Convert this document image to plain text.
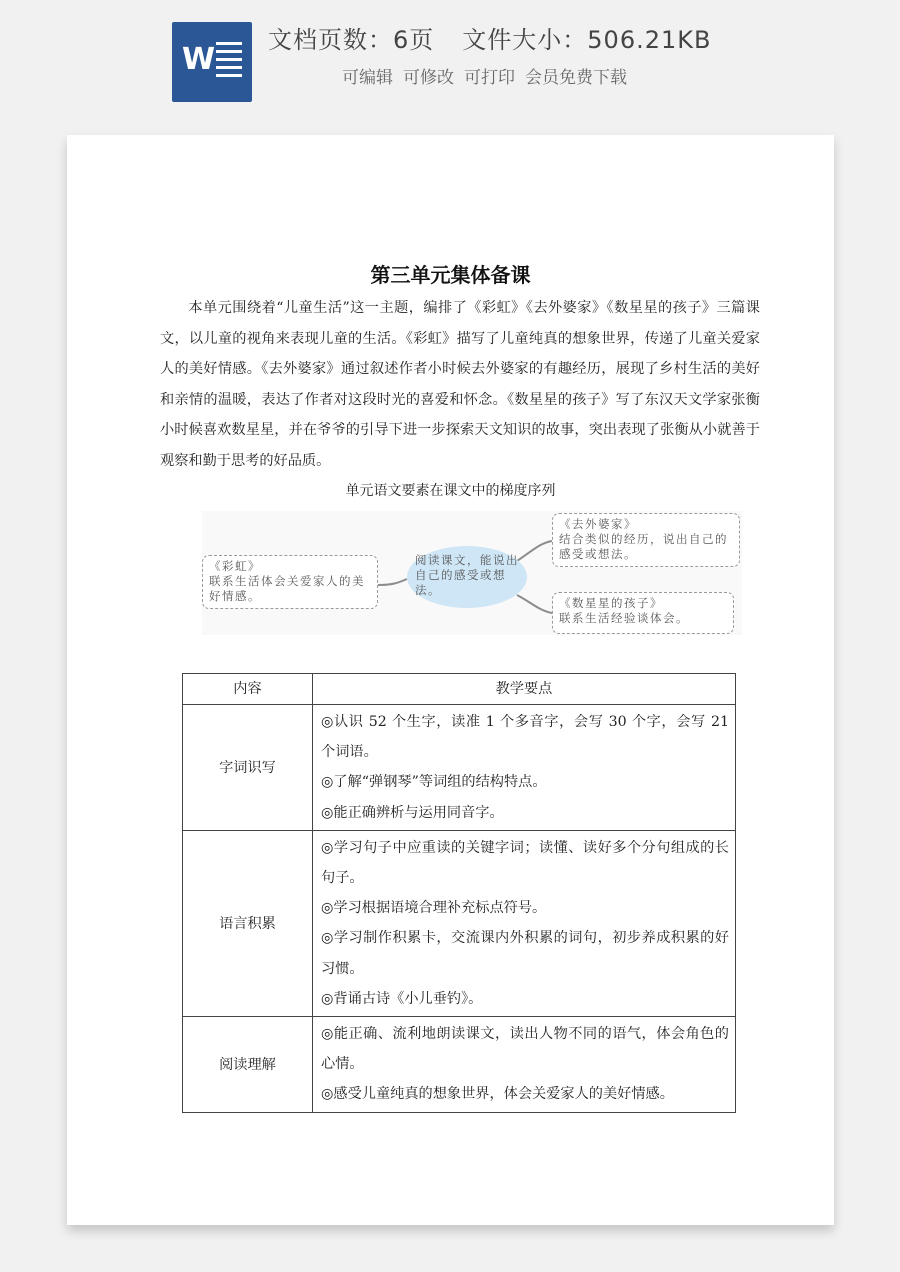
W
文档页数：6页 文件大小：506.21KB
可编辑 可修改 可打印 会员免费下载
第三单元集体备课

本单元围绕着“儿童生活”这一主题，编排了《彩虹》《去外婆家》《数星星的孩子》三篇课文，以儿童的视角来表现儿童的生活。《彩虹》描写了儿童纯真的想象世界，传递了儿童关爱家人的美好情感。《去外婆家》通过叙述作者小时候去外婆家的有趣经历，展现了乡村生活的美好和亲情的温暖，表达了作者对这段时光的喜爱和怀念。《数星星的孩子》写了东汉天文学家张衡小时候喜欢数星星，并在爷爷的引导下进一步探索天文知识的故事，突出表现了张衡从小就善于观察和勤于思考的好品质。

单元语文要素在课文中的梯度序列
阅读课文，能说出自己的感受或想法。
《彩虹》
联系生活体会关爱家人的美好情感。
《去外婆家》
结合类似的经历，说出自己的感受或想法。
《数星星的孩子》
联系生活经验谈体会。
内容	教学要点
字词识写	◎认识 52 个生字，读准 1 个多音字，会写 30 个字，会写 21 个词语。

◎了解“弹钢琴”等词组的结构特点。

◎能正确辨析与运用同音字。

语言积累	◎学习句子中应重读的关键字词；读懂、读好多个分句组成的长句子。

◎学习根据语境合理补充标点符号。

◎学习制作积累卡，交流课内外积累的词句，初步养成积累的好习惯。

◎背诵古诗《小儿垂钓》。

阅读理解	◎能正确、流利地朗读课文，读出人物不同的语气，体会角色的心情。

◎感受儿童纯真的想象世界，体会关爱家人的美好情感。
